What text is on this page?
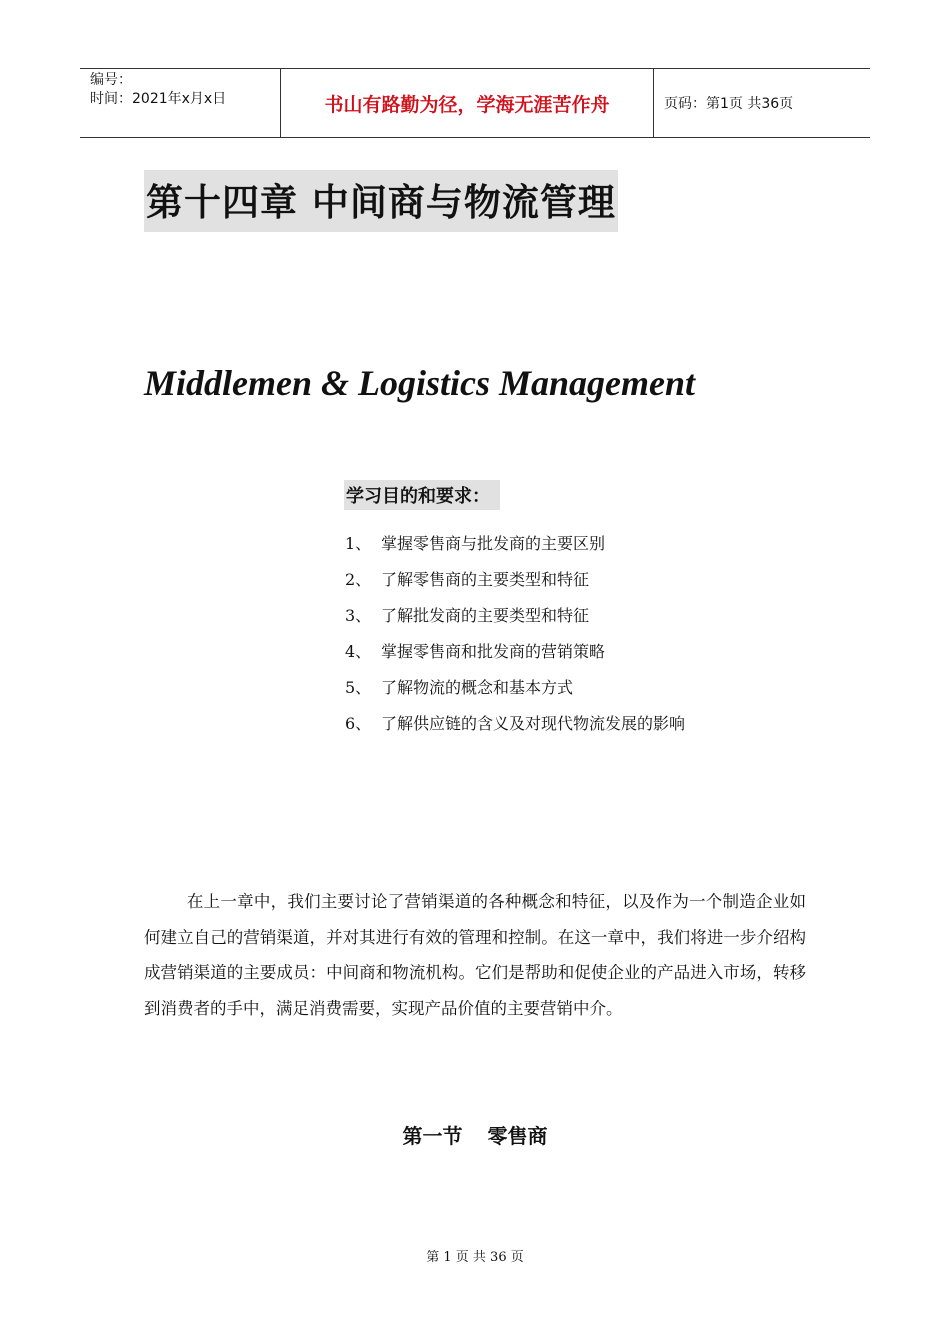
编号：
时间：2021年x月x日	书山有路勤为径，学海无涯苦作舟	页码：第1页 共36页
第十四章 中间商与物流管理
Middlemen & Logistics Management
学习目的和要求：
1、 掌握零售商与批发商的主要区别
2、 了解零售商的主要类型和特征
3、 了解批发商的主要类型和特征
4、 掌握零售商和批发商的营销策略
5、 了解物流的概念和基本方式
6、 了解供应链的含义及对现代物流发展的影响

在上一章中，我们主要讨论了营销渠道的各种概念和特征，以及作为一个制造企业如何建立自己的营销渠道，并对其进行有效的管理和控制。在这一章中，我们将进一步介绍构成营销渠道的主要成员：中间商和物流机构。它们是帮助和促使企业的产品进入市场，转移到消费者的手中，满足消费需要，实现产品价值的主要营销中介。

第一节 零售商
第 1 页 共 36 页
